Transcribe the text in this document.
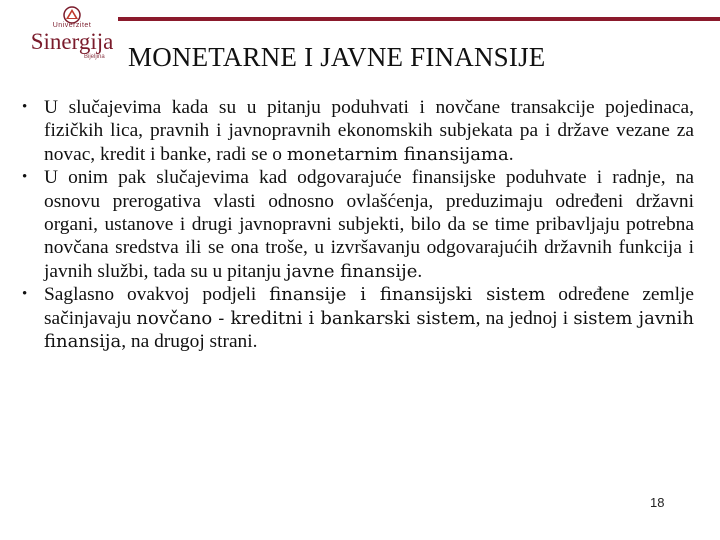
Univerzitet
Sinergija
Bijeljina MONETARNE I JAVNE FINANSIJE

• U slučajevima kada su u pitanju poduhvati i novčane transakcije pojedinaca, fizičkih lica, pravnih i javnopravnih ekonomskih subjekata pa i države vezane za novac, kredit i banke, radi se o monetarnim finansijama.

• U onim pak slučajevima kad odgovarajuće finansijske poduhvate i radnje, na osnovu prerogativa vlasti odnosno ovlašćenja, preduzimaju određeni državni organi, ustanove i drugi javnopravni subjekti, bilo da se time pribavljaju potrebna novčana sredstva ili se ona troše, u izvršavanju odgovarajućih državnih funkcija i javnih službi, tada su u pitanju javne finansije.

• Saglasno ovakvoj podjeli finansije i finansijski sistem određene zemlje sačinjavaju novčano - kreditni i bankarski sistem, na jednoj i sistem javnih finansija, na drugoj strani.

18
